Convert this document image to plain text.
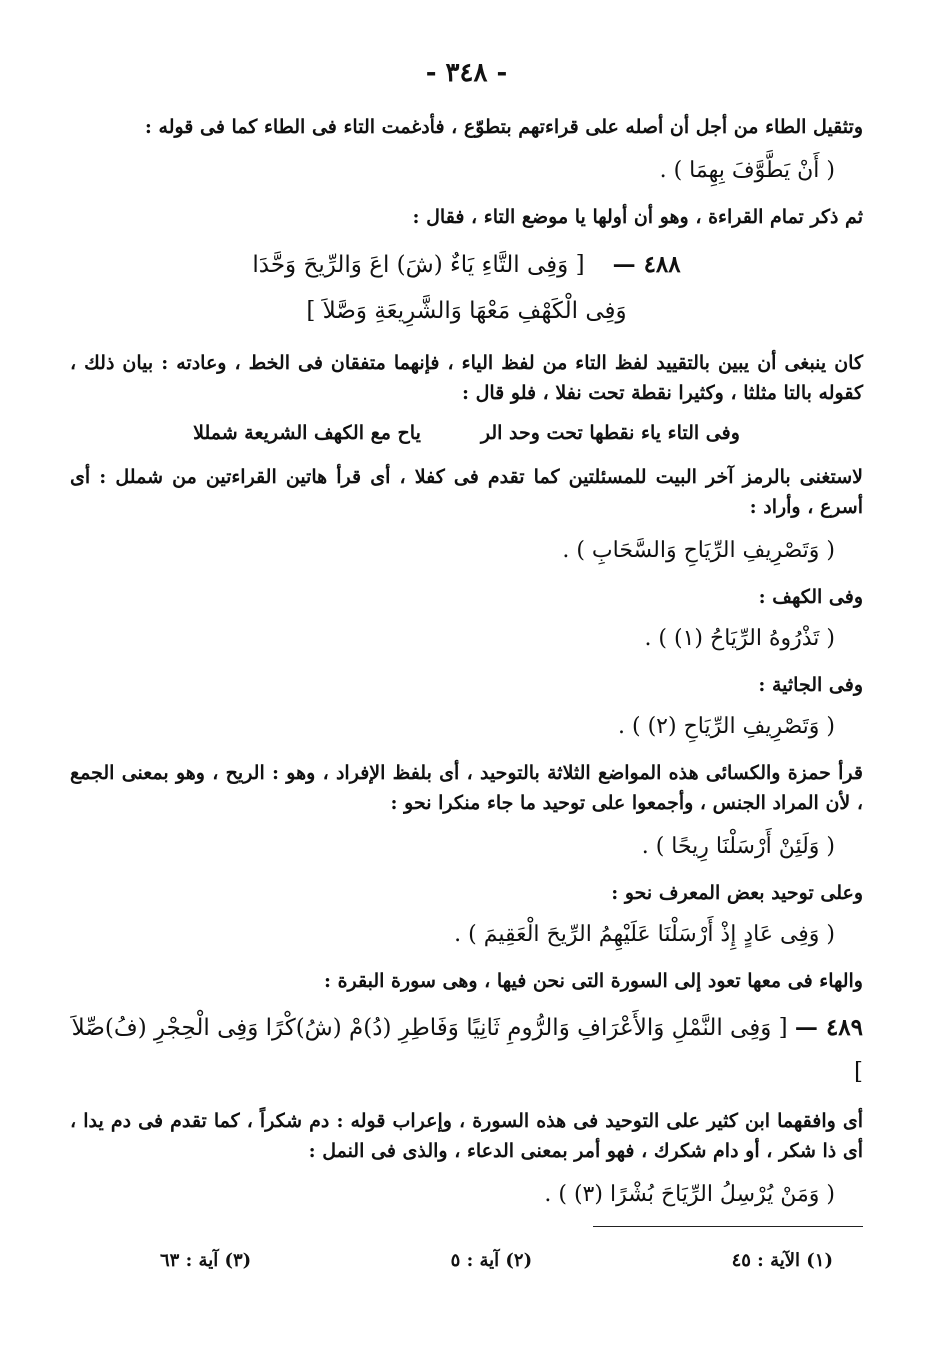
- ٣٤٨ -
وتثقيل الطاء من أجل أن أصله على قراءتهم بتطوّع ، فأدغمت التاء فى الطاء كما فى قوله :
( أَنْ يَطَّوَّفَ بِهِمَا ) .
ثم ذكر تمام القراءة ، وهو أن أولها يا موضع التاء ، فقال :
٤٨٨ —
[ وَفِى التَّاءِ يَاءٌ (شَ) اعَ وَالرِّيحَ وَحَّدَا
وَفِى الْكَهْفِ مَعْهَا وَالشَّرِيعَةِ وَصَّلاَ ]
كان ينبغى أن يبين بالتقييد لفظ التاء من لفظ الياء ، فإنهما متفقان فى الخط ، وعادته : بيان ذلك ، كقوله بالتا مثلثا ، وكثيرا نقطة تحت نفلا ، فلو قال :
وفى التاء ياء نقطها تحت وحد الرياح مع الكهف الشريعة شمللا
لاستغنى بالرمز آخر البيت للمسئلتين كما تقدم فى كفلا ، أى قرأ هاتين القراءتين من شملل : أى أسرع ، وأراد :
( وَتَصْرِيفِ الرِّيَاحِ وَالسَّحَابِ ) .
وفى الكهف :
( تَذْرُوهُ الرِّيَاحُ (١) ) .
وفى الجاثية :
( وَتَصْرِيفِ الرِّيَاحِ (٢) ) .
قرأ حمزة والكسائى هذه المواضع الثلاثة بالتوحيد ، أى بلفظ الإفراد ، وهو : الريح ، وهو بمعنى الجمع ، لأن المراد الجنس ، وأجمعوا على توحيد ما جاء منكرا نحو :
( وَلَئِنْ أَرْسَلْنَا رِيحًا ) .
وعلى توحيد بعض المعرف نحو :
( وَفِى عَادٍ إِذْ أَرْسَلْنَا عَلَيْهِمُ الرِّيحَ الْعَقِيمَ ) .
والهاء فى معها تعود إلى السورة التى نحن فيها ، وهى سورة البقرة :
٤٨٩ — [ وَفِى النَّمْلِ وَالأَعْرَافِ وَالرُّومِ ثَانِيًا وَفَاطِرِ (دُ)مْ (شُ)كْرًا وَفِى الْحِجْرِ (فُ)صِّلاَ ]
أى وافقهما ابن كثير على التوحيد فى هذه السورة ، وإعراب قوله : دم شكراً ، كما تقدم فى دم يدا ، أى ذا شكر ، أو دام شكرك ، فهو أمر بمعنى الدعاء ، والذى فى النمل :
( وَمَنْ يُرْسِلُ الرِّيَاحَ بُشْرًا (٣) ) .
(١) الآية : ٤٥
(٢) آية : ٥
(٣) آية : ٦٣
